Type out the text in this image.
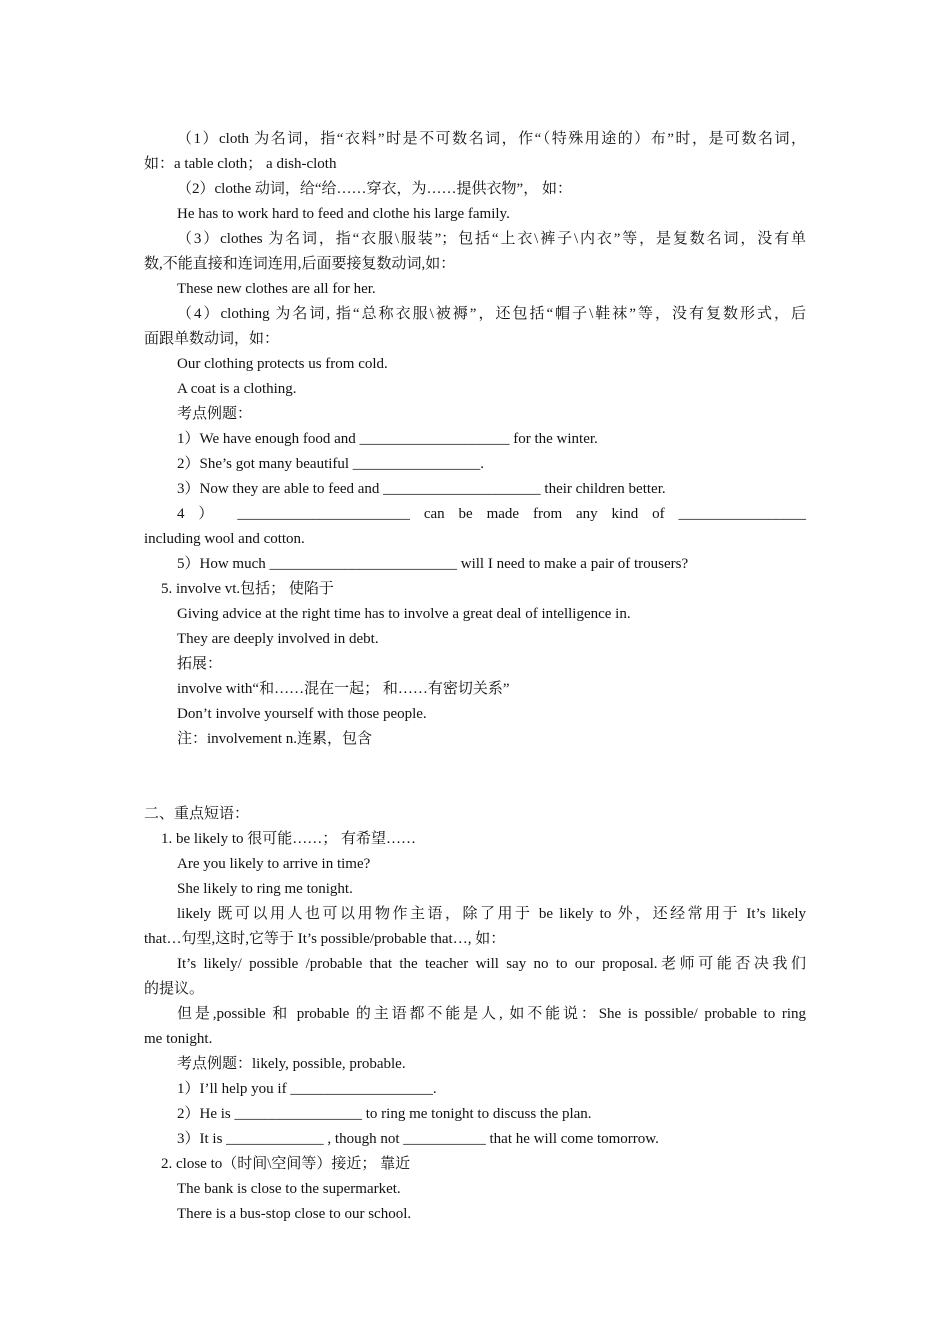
（1）cloth 为名词，指“衣料”时是不可数名词，作“（特殊用途的）布”时，是可数名词，

如：a table cloth； a dish-cloth

（2）clothe 动词，给“给……穿衣，为……提供衣物”， 如：

He has to work hard to feed and clothe his large family.

（3）clothes 为名词，指“衣服\服装”；包括“上衣\裤子\内衣”等，是复数名词，没有单

数,不能直接和连词连用,后面要接复数动词,如：

These new clothes are all for her.

（4）clothing 为名词, 指“总称衣服\被褥”，还包括“帽子\鞋袜”等，没有复数形式，后

面跟单数动词，如：

Our clothing protects us from cold.

A coat is a clothing.

考点例题：

1）We have enough food and ____________________ for the winter.

2）She’s got many beautiful _________________.

3）Now they are able to feed and _____________________ their children better.

4 ） _______________________ can be made from any kind of _________________

including wool and cotton.

5）How much _________________________ will I need to make a pair of trousers?

5. involve vt.包括； 使陷于

Giving advice at the right time has to involve a great deal of intelligence in.

They are deeply involved in debt.

拓展：

involve with“和……混在一起； 和……有密切关系”

Don’t involve yourself with those people.

注：involvement n.连累，包含

二、重点短语：

1. be likely to 很可能……； 有希望……

Are you likely to arrive in time?

She likely to ring me tonight.

likely 既可以用人也可以用物作主语，除了用于 be likely to 外，还经常用于 It’s likely

that…句型,这时,它等于 It’s possible/probable that…, 如：

It’s likely/ possible /probable that the teacher will say no to our proposal.老师可能否决我们

的提议。

但是,possible 和 probable 的主语都不能是人, 如不能说：She is possible/ probable to ring

me tonight.

考点例题：likely, possible, probable.

1）I’ll help you if ___________________.

2）He is _________________ to ring me tonight to discuss the plan.

3）It is _____________ , though not ___________ that he will come tomorrow.

2. close to（时间\空间等）接近； 靠近

The bank is close to the supermarket.

There is a bus-stop close to our school.
